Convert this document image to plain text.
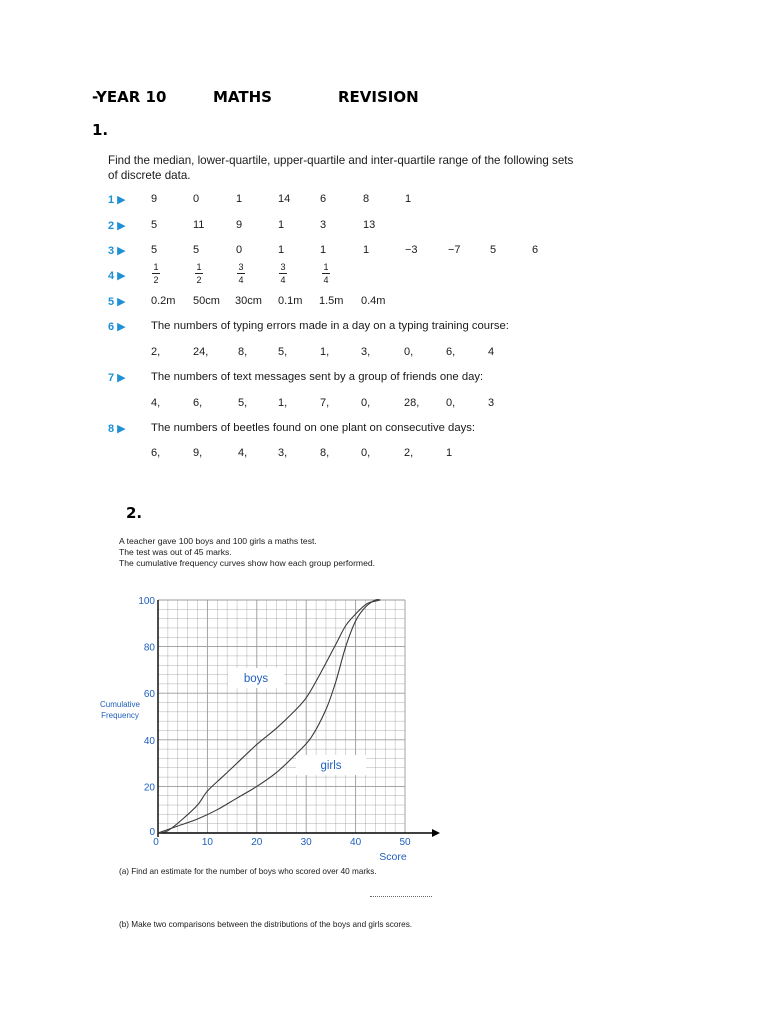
-YEAR 10	MATHS	REVISION
1.
Find the median, lower-quartile, upper-quartile and inter-quartile range of the following sets of discrete data.
1 ▶ 9	0	1	14	6	8	1
2 ▶ 5	11	9	1	3	13
3 ▶ 5	5	0	1	1	1	−3	−7	5	6
4 ▶
1
2
1
2
3
4
3
4
1
4
5 ▶ 0.2m 50cm 30cm 0.1m 1.5m 0.4m
6 ▶ The numbers of typing errors made in a day on a typing training course:
2,	24,	8,	5,	1,	3,	0,	6,	4
7 ▶ The numbers of text messages sent by a group of friends one day:
4,	6,	5,	1,	7,	0,	28, 0,	3
8 ▶ The numbers of beetles found on one plant on consecutive days:
6,	9,	4,	3,	8,	0,	2,	1
2.
A teacher gave 100 boys and 100 girls a maths test.
The test was out of 45 marks.
The cumulative frequency curves show how each group performed.
0	10	20	30	40	50
0
20
40
60
80
100
boys
girls
Score
Cumulative
Frequency
(a) Find an estimate for the number of boys who scored over 40 marks.
(b) Make two comparisons between the distributions of the boys and girls scores.
